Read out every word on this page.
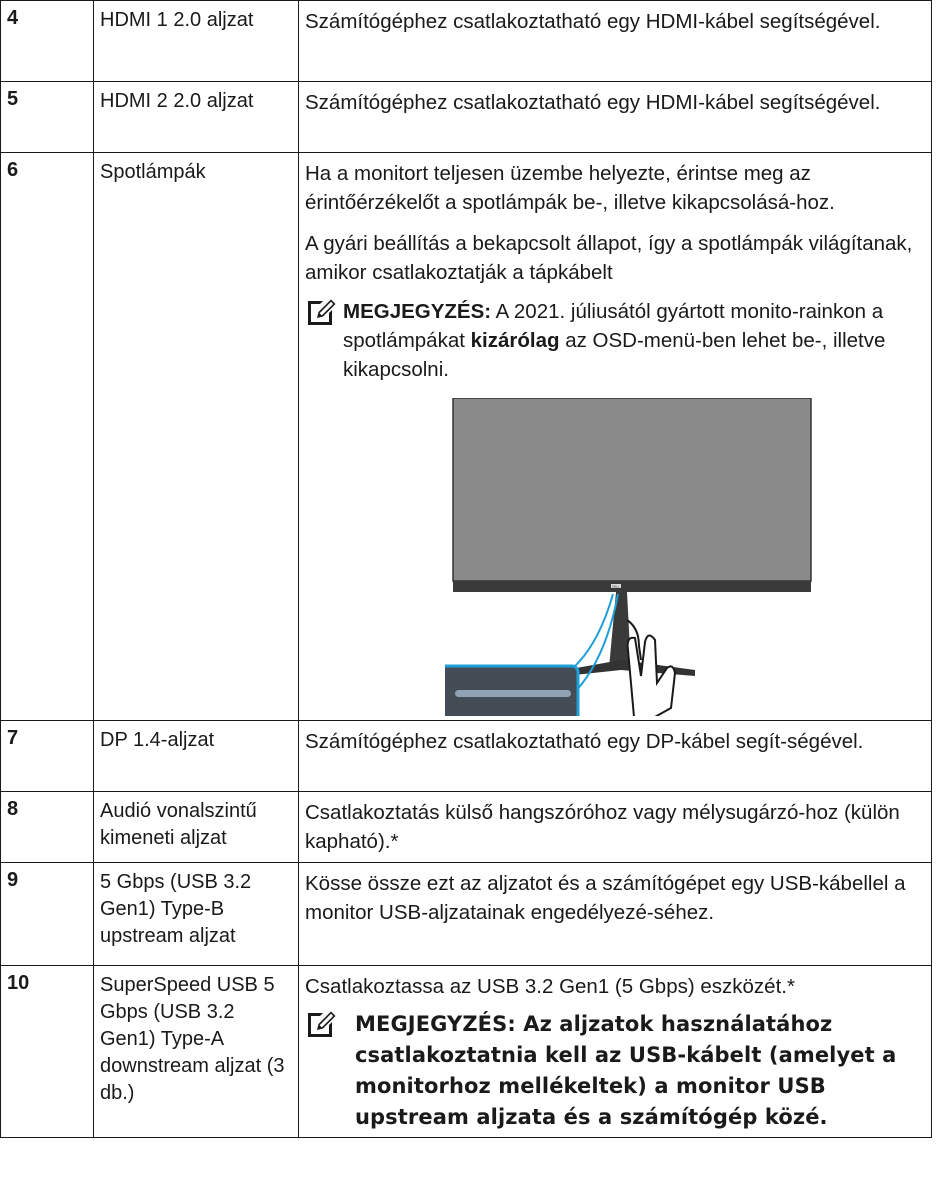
4	HDMI 1 2.0 aljzat	Számítógéphez csatlakoztatható egy HDMI-kábel segítségével.
5	HDMI 2 2.0 aljzat	Számítógéphez csatlakoztatható egy HDMI-kábel segítségével.
6	Spotlámpák	Ha a monitort teljesen üzembe helyezte, érintse meg az érintőérzékelőt a spotlámpák be-, illetve kikapcsolásá-hoz.

A gyári beállítás a bekapcsolt állapot, így a spotlámpák világítanak, amikor csatlakoztatják a tápkábelt

MEGJEGYZÉS: A 2021. júliusától gyártott monito-rainkon a spotlámpákat kizárólag az OSD-menü-ben lehet be-, illetve kikapcsolni.
DELL

7	DP 1.4-aljzat	Számítógéphez csatlakoztatható egy DP-kábel segít-ségével.
8	Audió vonalszintű kimeneti aljzat	Csatlakoztatás külső hangszóróhoz vagy mélysugárzó-hoz (külön kapható).*
9	5 Gbps (USB 3.2 Gen1) Type-B upstream aljzat	Kösse össze ezt az aljzatot és a számítógépet egy USB-kábellel a monitor USB-aljzatainak engedélyezé-séhez.
10	SuperSpeed USB 5 Gbps (USB 3.2 Gen1) Type-A downstream aljzat (3 db.)	Csatlakoztassa az USB 3.2 Gen1 (5 Gbps) eszközét.*

MEGJEGYZÉS: Az aljzatok használatához csatlakoztatnia kell az USB-kábelt (amelyet a monitorhoz mellékeltek) a monitor USB upstream aljzata és a számítógép közé.
